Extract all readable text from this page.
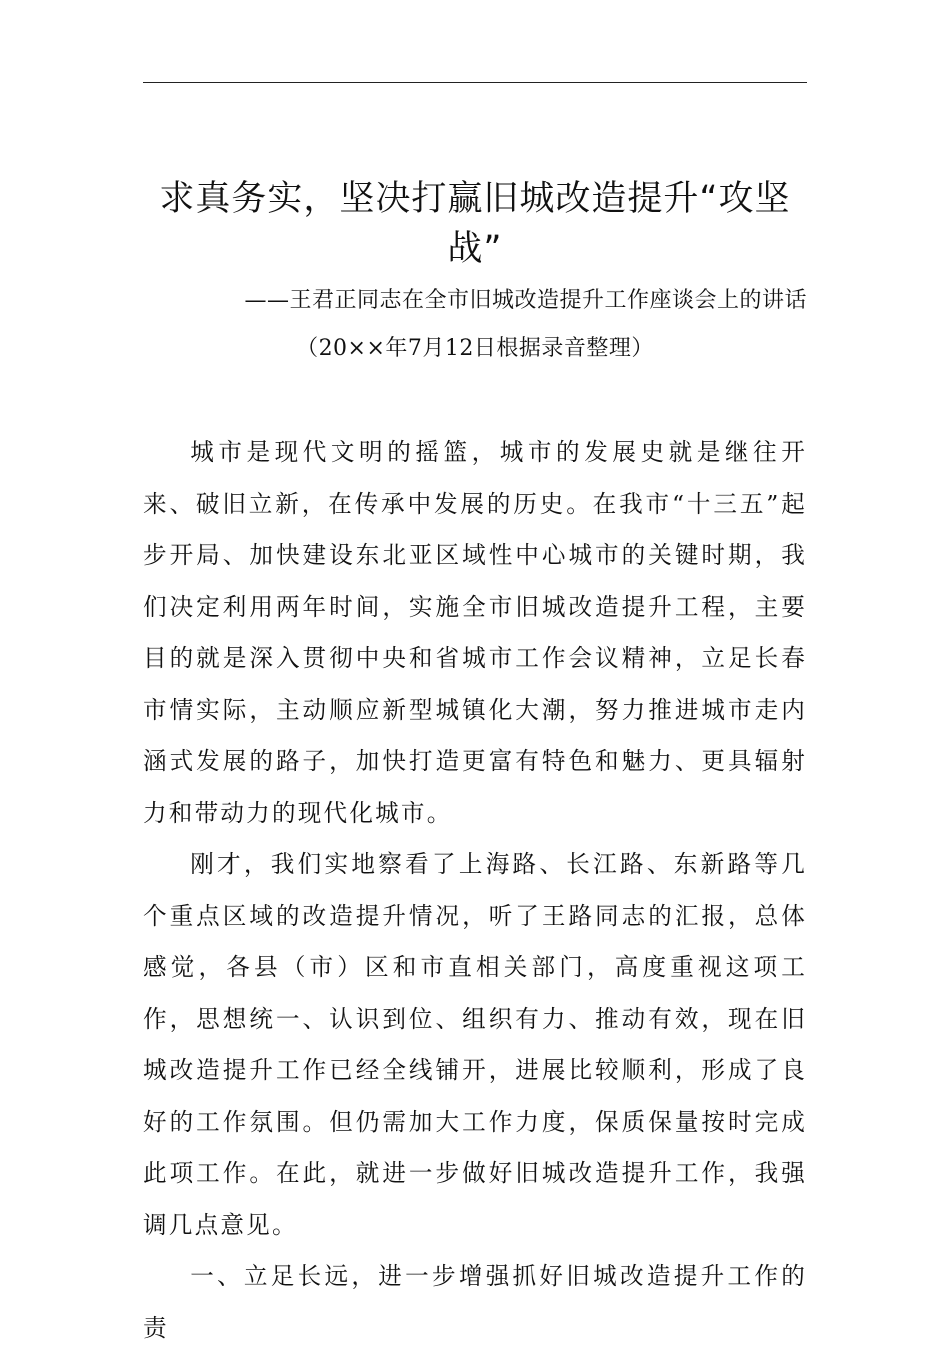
求真务实，坚决打赢旧城改造提升“攻坚战”

——王君正同志在全市旧城改造提升工作座谈会上的讲话

（20××年7月12日根据录音整理）

城市是现代文明的摇篮，城市的发展史就是继往开来、破旧立新，在传承中发展的历史。在我市“十三五”起步开局、加快建设东北亚区域性中心城市的关键时期，我们决定利用两年时间，实施全市旧城改造提升工程，主要目的就是深入贯彻中央和省城市工作会议精神，立足长春市情实际，主动顺应新型城镇化大潮，努力推进城市走内涵式发展的路子，加快打造更富有特色和魅力、更具辐射力和带动力的现代化城市。

刚才，我们实地察看了上海路、长江路、东新路等几个重点区域的改造提升情况，听了王路同志的汇报，总体感觉，各县（市）区和市直相关部门，高度重视这项工作，思想统一、认识到位、组织有力、推动有效，现在旧城改造提升工作已经全线铺开，进展比较顺利，形成了良好的工作氛围。但仍需加大工作力度，保质保量按时完成此项工作。在此，就进一步做好旧城改造提升工作，我强调几点意见。

一、立足长远，进一步增强抓好旧城改造提升工作的责
